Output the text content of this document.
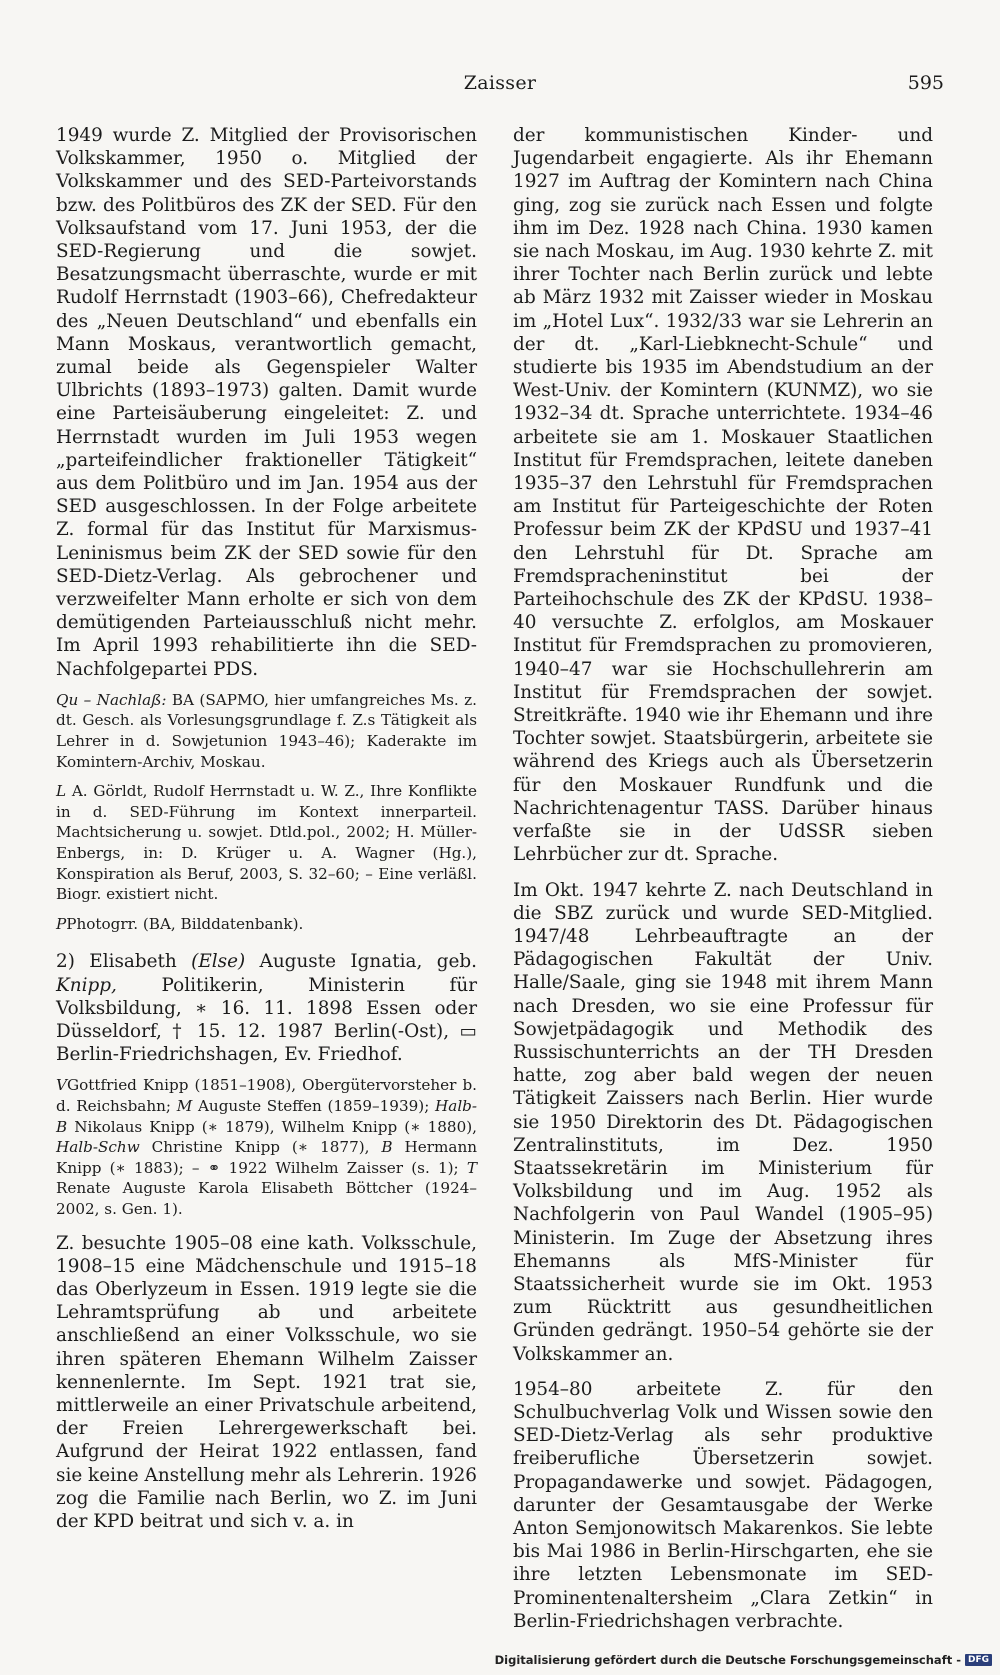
Zaisser	595

1949 wurde Z. Mitglied der Provisorischen Volkskammer, 1950 o. Mitglied der Volkskammer und des SED-Parteivorstands bzw. des Politbüros des ZK der SED. Für den Volksaufstand vom 17. Juni 1953, der die SED-Regierung und die sowjet. Besatzungsmacht überraschte, wurde er mit Rudolf Herrnstadt (1903–66), Chefredakteur des „Neuen Deutschland“ und ebenfalls ein Mann Moskaus, verantwortlich gemacht, zumal beide als Gegenspieler Walter Ulbrichts (1893–1973) galten. Damit wurde eine Parteisäuberung eingeleitet: Z. und Herrnstadt wurden im Juli 1953 wegen „parteifeindlicher fraktioneller Tätigkeit“ aus dem Politbüro und im Jan. 1954 aus der SED ausgeschlossen. In der Folge arbeitete Z. formal für das Institut für Marxismus-Leninismus beim ZK der SED sowie für den SED-Dietz-Verlag. Als gebrochener und verzweifelter Mann erholte er sich von dem demütigenden Parteiausschluß nicht mehr. Im April 1993 rehabilitierte ihn die SED-Nachfolgepartei PDS.

Qu – Nachlaß: BA (SAPMO, hier umfangreiches Ms. z. dt. Gesch. als Vorlesungsgrundlage f. Z.s Tätigkeit als Lehrer in d. Sowjetunion 1943–46); Kaderakte im Komintern-Archiv, Moskau.

L A. Görldt, Rudolf Herrnstadt u. W. Z., Ihre Konflikte in d. SED-Führung im Kontext innerparteil. Machtsicherung u. sowjet. Dtld.pol., 2002; H. Müller-Enbergs, in: D. Krüger u. A. Wagner (Hg.), Konspiration als Beruf, 2003, S. 32–60; – Eine verläßl. Biogr. existiert nicht.

PPhotogrr. (BA, Bilddatenbank).

2) Elisabeth (Else) Auguste Ignatia, geb. Knipp, Politikerin, Ministerin für Volksbildung, ∗ 16. 11. 1898 Essen oder Düsseldorf, † 15. 12. 1987 Berlin(-Ost), ▭ Berlin-Friedrichshagen, Ev. Friedhof.

VGottfried Knipp (1851–1908), Obergütervorsteher b. d. Reichsbahn; M Auguste Steffen (1859–1939); Halb-B Nikolaus Knipp (∗ 1879), Wilhelm Knipp (∗ 1880), Halb-Schw Christine Knipp (∗ 1877), B Hermann Knipp (∗ 1883); – ⚭ 1922 Wilhelm Zaisser (s. 1); T Renate Auguste Karola Elisabeth Böttcher (1924–2002, s. Gen. 1).

Z. besuchte 1905–08 eine kath. Volksschule, 1908–15 eine Mädchenschule und 1915–18 das Oberlyzeum in Essen. 1919 legte sie die Lehramtsprüfung ab und arbeitete anschließend an einer Volksschule, wo sie ihren späteren Ehemann Wilhelm Zaisser kennenlernte. Im Sept. 1921 trat sie, mittlerweile an einer Privatschule arbeitend, der Freien Lehrergewerkschaft bei. Aufgrund der Heirat 1922 entlassen, fand sie keine Anstellung mehr als Lehrerin. 1926 zog die Familie nach Berlin, wo Z. im Juni der KPD beitrat und sich v. a. in

der kommunistischen Kinder- und Jugendarbeit engagierte. Als ihr Ehemann 1927 im Auftrag der Komintern nach China ging, zog sie zurück nach Essen und folgte ihm im Dez. 1928 nach China. 1930 kamen sie nach Moskau, im Aug. 1930 kehrte Z. mit ihrer Tochter nach Berlin zurück und lebte ab März 1932 mit Zaisser wieder in Moskau im „Hotel Lux“. 1932/33 war sie Lehrerin an der dt. „Karl-Liebknecht-Schule“ und studierte bis 1935 im Abendstudium an der West-Univ. der Komintern (KUNMZ), wo sie 1932–34 dt. Sprache unterrichtete. 1934–46 arbeitete sie am 1. Moskauer Staatlichen Institut für Fremdsprachen, leitete daneben 1935–37 den Lehrstuhl für Fremdsprachen am Institut für Parteigeschichte der Roten Professur beim ZK der KPdSU und 1937–41 den Lehrstuhl für Dt. Sprache am Fremdspracheninstitut bei der Parteihochschule des ZK der KPdSU. 1938–40 versuchte Z. erfolglos, am Moskauer Institut für Fremdsprachen zu promovieren, 1940–47 war sie Hochschullehrerin am Institut für Fremdsprachen der sowjet. Streitkräfte. 1940 wie ihr Ehemann und ihre Tochter sowjet. Staatsbürgerin, arbeitete sie während des Kriegs auch als Übersetzerin für den Moskauer Rundfunk und die Nachrichtenagentur TASS. Darüber hinaus verfaßte sie in der UdSSR sieben Lehrbücher zur dt. Sprache.

Im Okt. 1947 kehrte Z. nach Deutschland in die SBZ zurück und wurde SED-Mitglied. 1947/48 Lehrbeauftragte an der Pädagogischen Fakultät der Univ. Halle/Saale, ging sie 1948 mit ihrem Mann nach Dresden, wo sie eine Professur für Sowjetpädagogik und Methodik des Russischunterrichts an der TH Dresden hatte, zog aber bald wegen der neuen Tätigkeit Zaissers nach Berlin. Hier wurde sie 1950 Direktorin des Dt. Pädagogischen Zentralinstituts, im Dez. 1950 Staatssekretärin im Ministerium für Volksbildung und im Aug. 1952 als Nachfolgerin von Paul Wandel (1905–95) Ministerin. Im Zuge der Absetzung ihres Ehemanns als MfS-Minister für Staatssicherheit wurde sie im Okt. 1953 zum Rücktritt aus gesundheitlichen Gründen gedrängt. 1950–54 gehörte sie der Volkskammer an.

1954–80 arbeitete Z. für den Schulbuchverlag Volk und Wissen sowie den SED-Dietz-Verlag als sehr produktive freiberufliche Übersetzerin sowjet. Propagandawerke und sowjet. Pädagogen, darunter der Gesamtausgabe der Werke Anton Semjonowitsch Makarenkos. Sie lebte bis Mai 1986 in Berlin-Hirschgarten, ehe sie ihre letzten Lebensmonate im SED-Prominentenaltersheim „Clara Zetkin“ in Berlin-Friedrichshagen verbrachte.

Digitalisierung gefördert durch die Deutsche Forschungsgemeinschaft - DFG
